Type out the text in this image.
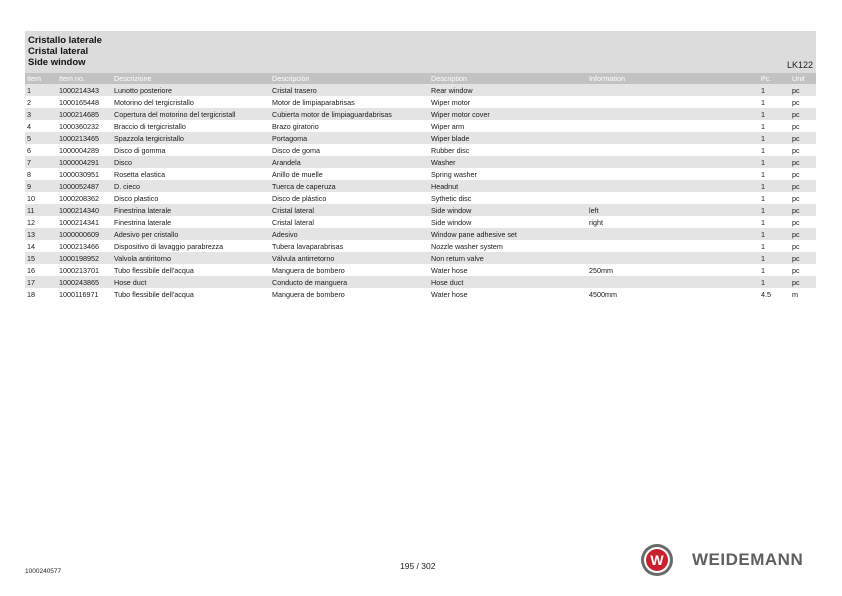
Cristallo laterale
Cristal lateral
Side window	LK122
Item	Item no.	Descrizione	Descripción	Description	Information	Pc.	Unit
1	1000214343	Lunotto posteriore	Cristal trasero	Rear window		1	pc
2	1000165448	Motorino del tergicristallo	Motor de limpiaparabrisas	Wiper motor		1	pc
3	1000214685	Copertura del motorino del tergicristall	Cubierta motor de limpiaguardabrisas	Wiper motor cover		1	pc
4	1000360232	Braccio di tergicristallo	Brazo giratorio	Wiper arm		1	pc
5	1000213465	Spazzola tergicristallo	Portagoma	Wiper blade		1	pc
6	1000004289	Disco di gomma	Disco de goma	Rubber disc		1	pc
7	1000004291	Disco	Arandela	Washer		1	pc
8	1000030951	Rosetta elastica	Anillo de muelle	Spring washer		1	pc
9	1000052487	D. cieco	Tuerca de caperuza	Headnut		1	pc
10	1000208362	Disco plastico	Disco de plástico	Sythetic disc		1	pc
11	1000214340	Finestrina laterale	Cristal lateral	Side window	left	1	pc
12	1000214341	Finestrina laterale	Cristal lateral	Side window	right	1	pc
13	1000000609	Adesivo per cristallo	Adesivo	Window pane adhesive set		1	pc
14	1000213466	Dispositivo di lavaggio parabrezza	Tubera lavaparabrisas	Nozzle washer system		1	pc
15	1000198952	Valvola antiritorno	Válvula antirretorno	Non return valve		1	pc
16	1000213701	Tubo flessibile dell'acqua	Manguera de bombero	Water hose	250mm	1	pc
17	1000243865	Hose duct	Conducto de manguera	Hose duct		1	pc
18	1000116971	Tubo flessibile dell'acqua	Manguera de bombero	Water hose	4500mm	4.5	m
1000240577
195 / 302	W WEIDEMANN
